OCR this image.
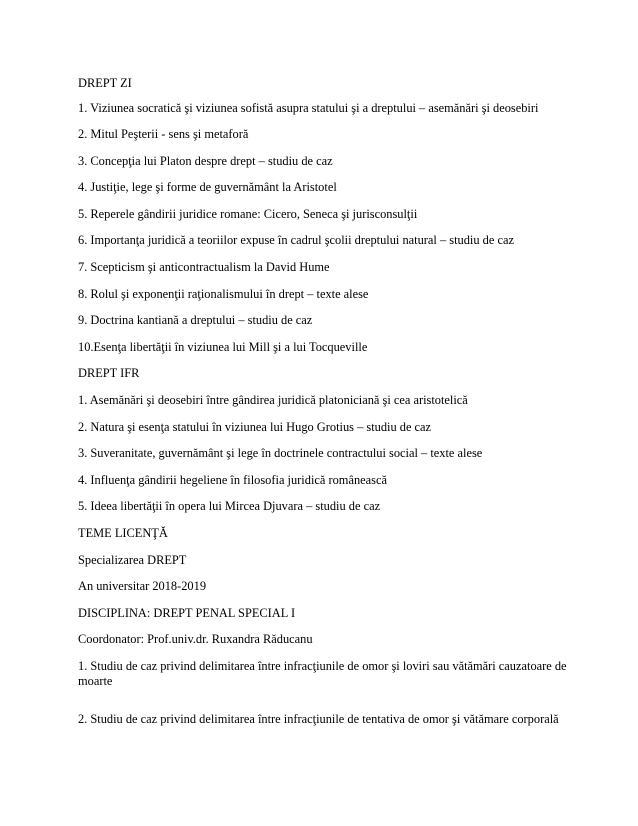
DREPT ZI
1. Viziunea socratică şi viziunea sofistă asupra statului şi a dreptului – asemănări şi deosebiri
2. Mitul Peşterii - sens şi metaforă
3. Concepţia lui Platon despre drept – studiu de caz
4. Justiţie, lege şi forme de guvernământ la Aristotel
5. Reperele gândirii juridice romane: Cicero, Seneca şi jurisconsulţii
6. Importanţa juridică a teoriilor expuse în cadrul şcolii dreptului natural – studiu de caz
7. Scepticism şi anticontractualism la David Hume
8. Rolul şi exponenţii raţionalismului în drept – texte alese
9. Doctrina kantiană a dreptului – studiu de caz
10.Esenţa libertăţii în viziunea lui Mill şi a lui Tocqueville
DREPT IFR
1. Asemănări şi deosebiri între gândirea juridică platoniciană şi cea aristotelică
2. Natura şi esenţa statului în viziunea lui Hugo Grotius – studiu de caz
3. Suveranitate, guvernământ şi lege în doctrinele contractului social – texte alese
4. Influenţa gândirii hegeliene în filosofia juridică românească
5. Ideea libertăţii în opera lui Mircea Djuvara – studiu de caz
TEME LICENŢĂ
Specializarea DREPT
An universitar 2018-2019
DISCIPLINA: DREPT PENAL SPECIAL I
Coordonator: Prof.univ.dr. Ruxandra Răducanu
1. Studiu de caz privind delimitarea între infracţiunile de omor şi loviri sau vătămări cauzatoare de moarte
2. Studiu de caz privind delimitarea între infracţiunile de tentativa de omor şi vătămare corporală
